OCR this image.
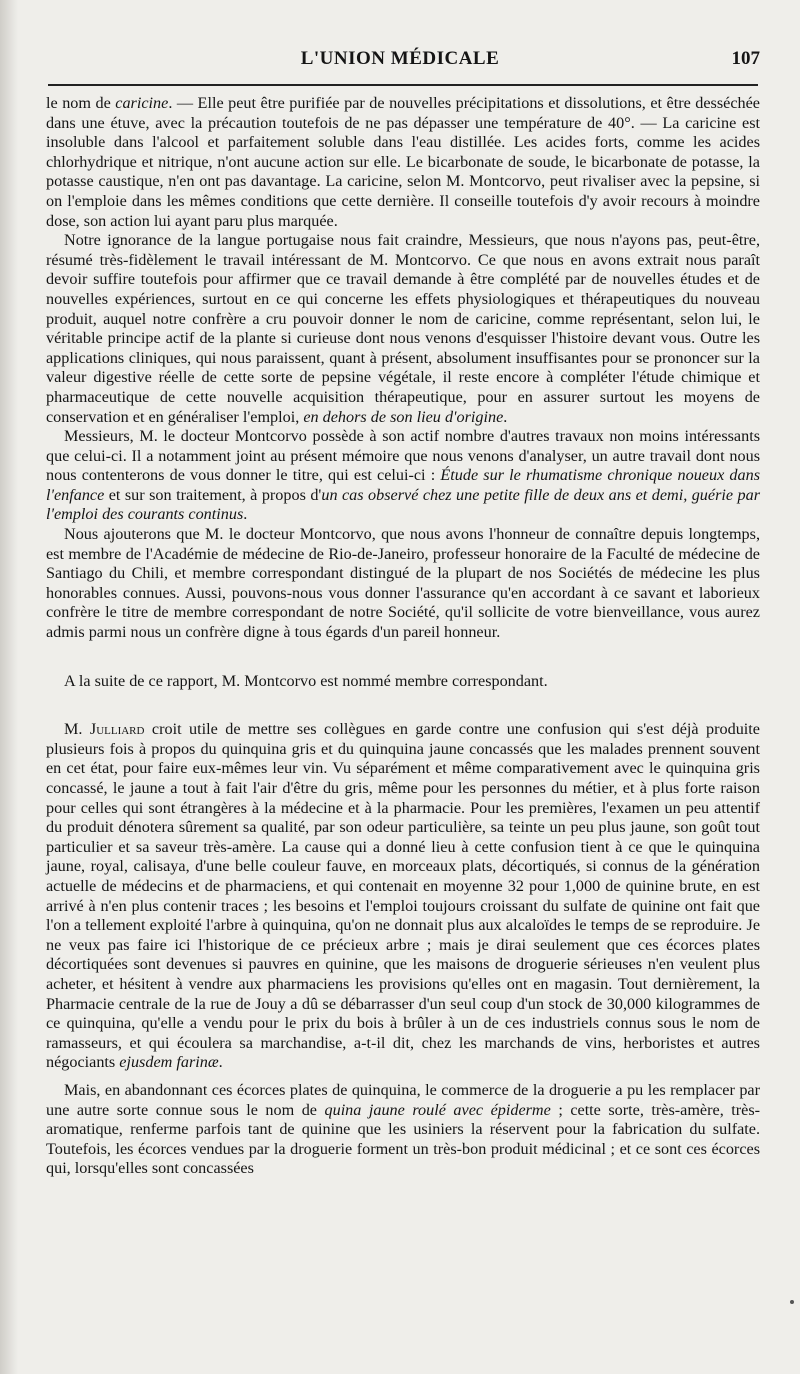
L'UNION MÉDICALE	107

le nom de caricine. — Elle peut être purifiée par de nouvelles précipitations et dissolutions, et être desséchée dans une étuve, avec la précaution toutefois de ne pas dépasser une température de 40°. — La caricine est insoluble dans l'alcool et parfaitement soluble dans l'eau distillée. Les acides forts, comme les acides chlorhydrique et nitrique, n'ont aucune action sur elle. Le bicarbonate de soude, le bicarbonate de potasse, la potasse caustique, n'en ont pas davantage. La caricine, selon M. Montcorvo, peut rivaliser avec la pepsine, si on l'emploie dans les mêmes conditions que cette dernière. Il conseille toutefois d'y avoir recours à moindre dose, son action lui ayant paru plus marquée.

Notre ignorance de la langue portugaise nous fait craindre, Messieurs, que nous n'ayons pas, peut-être, résumé très-fidèlement le travail intéressant de M. Montcorvo. Ce que nous en avons extrait nous paraît devoir suffire toutefois pour affirmer que ce travail demande à être complété par de nouvelles études et de nouvelles expériences, surtout en ce qui concerne les effets physiologiques et thérapeutiques du nouveau produit, auquel notre confrère a cru pouvoir donner le nom de caricine, comme représentant, selon lui, le véritable principe actif de la plante si curieuse dont nous venons d'esquisser l'histoire devant vous. Outre les applications cliniques, qui nous paraissent, quant à présent, absolument insuffisantes pour se prononcer sur la valeur digestive réelle de cette sorte de pepsine végétale, il reste encore à compléter l'étude chimique et pharmaceutique de cette nouvelle acquisition thérapeutique, pour en assurer surtout les moyens de conservation et en généraliser l'emploi, en dehors de son lieu d'origine.

Messieurs, M. le docteur Montcorvo possède à son actif nombre d'autres travaux non moins intéressants que celui-ci. Il a notamment joint au présent mémoire que nous venons d'analyser, un autre travail dont nous nous contenterons de vous donner le titre, qui est celui-ci : Étude sur le rhumatisme chronique noueux dans l'enfance et sur son traitement, à propos d'un cas observé chez une petite fille de deux ans et demi, guérie par l'emploi des courants continus.

Nous ajouterons que M. le docteur Montcorvo, que nous avons l'honneur de connaître depuis longtemps, est membre de l'Académie de médecine de Rio-de-Janeiro, professeur honoraire de la Faculté de médecine de Santiago du Chili, et membre correspondant distingué de la plupart de nos Sociétés de médecine les plus honorables connues. Aussi, pouvons-nous vous donner l'assurance qu'en accordant à ce savant et laborieux confrère le titre de membre correspondant de notre Société, qu'il sollicite de votre bienveillance, vous aurez admis parmi nous un confrère digne à tous égards d'un pareil honneur.

A la suite de ce rapport, M. Montcorvo est nommé membre correspondant.

M. Julliard croit utile de mettre ses collègues en garde contre une confusion qui s'est déjà produite plusieurs fois à propos du quinquina gris et du quinquina jaune concassés que les malades prennent souvent en cet état, pour faire eux-mêmes leur vin. Vu séparément et même comparativement avec le quinquina gris concassé, le jaune a tout à fait l'air d'être du gris, même pour les personnes du métier, et à plus forte raison pour celles qui sont étrangères à la médecine et à la pharmacie. Pour les premières, l'examen un peu attentif du produit dénotera sûrement sa qualité, par son odeur particulière, sa teinte un peu plus jaune, son goût tout particulier et sa saveur très-amère. La cause qui a donné lieu à cette confusion tient à ce que le quinquina jaune, royal, calisaya, d'une belle couleur fauve, en morceaux plats, décortiqués, si connus de la génération actuelle de médecins et de pharmaciens, et qui contenait en moyenne 32 pour 1,000 de quinine brute, en est arrivé à n'en plus contenir traces ; les besoins et l'emploi toujours croissant du sulfate de quinine ont fait que l'on a tellement exploité l'arbre à quinquina, qu'on ne donnait plus aux alcaloïdes le temps de se reproduire. Je ne veux pas faire ici l'historique de ce précieux arbre ; mais je dirai seulement que ces écorces plates décortiquées sont devenues si pauvres en quinine, que les maisons de droguerie sérieuses n'en veulent plus acheter, et hésitent à vendre aux pharmaciens les provisions qu'elles ont en magasin. Tout dernièrement, la Pharmacie centrale de la rue de Jouy a dû se débarrasser d'un seul coup d'un stock de 30,000 kilogrammes de ce quinquina, qu'elle a vendu pour le prix du bois à brûler à un de ces industriels connus sous le nom de ramasseurs, et qui écoulera sa marchandise, a-t-il dit, chez les marchands de vins, herboristes et autres négociants ejusdem farinæ.

Mais, en abandonnant ces écorces plates de quinquina, le commerce de la droguerie a pu les remplacer par une autre sorte connue sous le nom de quina jaune roulé avec épiderme ; cette sorte, très-amère, très-aromatique, renferme parfois tant de quinine que les usiniers la réservent pour la fabrication du sulfate. Toutefois, les écorces vendues par la droguerie forment un très-bon produit médicinal ; et ce sont ces écorces qui, lorsqu'elles sont concassées
